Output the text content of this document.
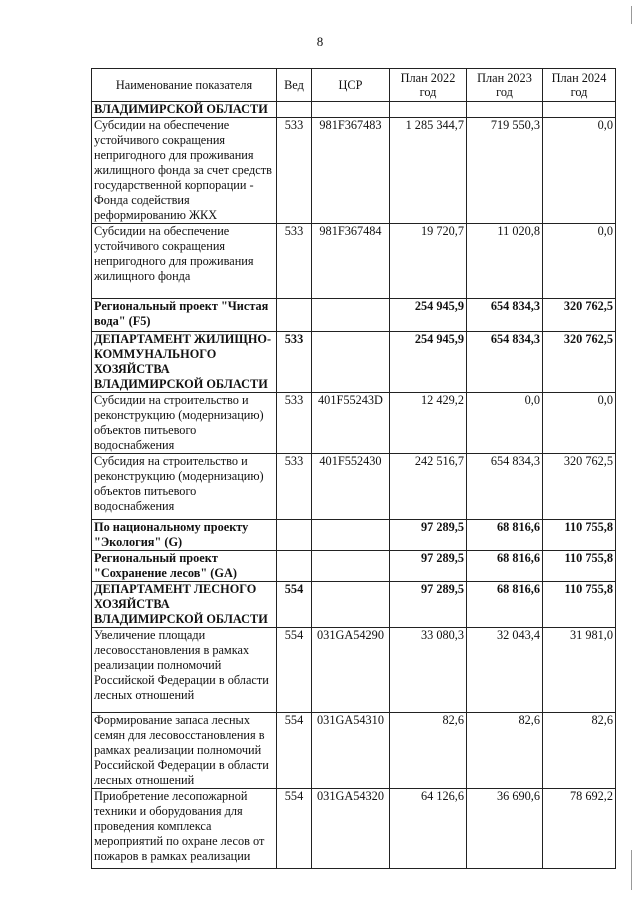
8
Наименование показателя	Вед	ЦСР	План 2022 год	План 2023 год	План 2024 год
ВЛАДИМИРСКОЙ ОБЛАСТИ					
Субсидии на обеспечение устойчивого сокращения непригодного для проживания жилищного фонда за счет средств государственной корпорации - Фонда содействия реформированию ЖКХ	533	981F367483	1 285 344,7	719 550,3	0,0
Субсидии на обеспечение устойчивого сокращения непригодного для проживания жилищного фонда	533	981F367484	19 720,7	11 020,8	0,0
Региональный проект "Чистая вода" (F5)			254 945,9	654 834,3	320 762,5
ДЕПАРТАМЕНТ ЖИЛИЩНО-КОММУНАЛЬНОГО ХОЗЯЙСТВА ВЛАДИМИРСКОЙ ОБЛАСТИ	533		254 945,9	654 834,3	320 762,5
Субсидии на строительство и реконструкцию (модернизацию) объектов питьевого водоснабжения	533	401F55243D	12 429,2	0,0	0,0
Субсидия на строительство и реконструкцию (модернизацию) объектов питьевого водоснабжения	533	401F552430	242 516,7	654 834,3	320 762,5
По национальному проекту "Экология" (G)			97 289,5	68 816,6	110 755,8
Региональный проект "Сохранение лесов" (GA)			97 289,5	68 816,6	110 755,8
ДЕПАРТАМЕНТ ЛЕСНОГО ХОЗЯЙСТВА ВЛАДИМИРСКОЙ ОБЛАСТИ	554		97 289,5	68 816,6	110 755,8
Увеличение площади лесовосстановления в рамках реализации полномочий Российской Федерации в области лесных отношений	554	031GA54290	33 080,3	32 043,4	31 981,0
Формирование запаса лесных семян для лесовосстановления в рамках реализации полномочий Российской Федерации в области лесных отношений	554	031GA54310	82,6	82,6	82,6
Приобретение лесопожарной техники и оборудования для проведения комплекса мероприятий по охране лесов от пожаров в рамках реализации	554	031GA54320	64 126,6	36 690,6	78 692,2
